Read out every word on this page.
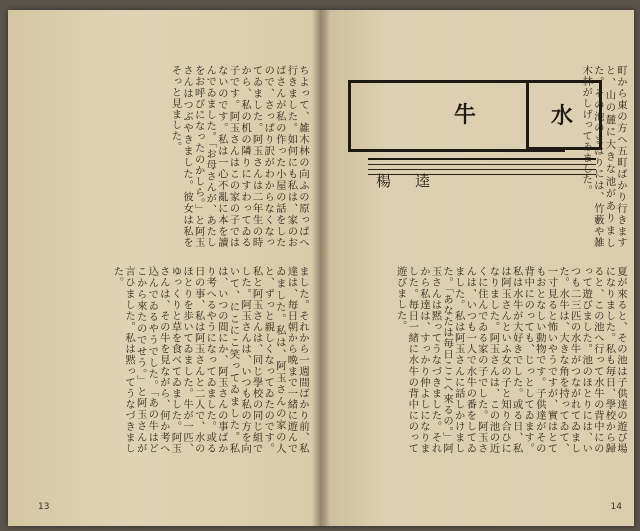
ちよって、雑木林の向ふの原っぱへ行きました。如何にも私は、家のおばさんが私の作った小屋の話をしたので、さっぱり訳がわからなくなってゐました。阿玉さんは二年生の時から、私の机の隣りにすわってゐる子です。阿玉さんはこの家の子ではないのです。私は一心不亂に本を讀んでゐました。「お母さんが、あたしをお呼びになったのかしら。」と阿玉さんはつぶやきました。彼女は私をそっと見ました。
ました。それから一週間ばかり前、私達は、毎日朝から晩まで一緒に遊んでゐました。私は、阿玉さんの家の人と、ずっと親しくなってゐたのです。私と阿玉さんは、同じ學校の同じ組でした。阿玉さんは、いつも私の方を向いて、にこにこ笑ってゐました。私は、いつの間にか、阿玉さんの事ばかり考へるやうになってゐました。或る日の事、私は阿玉さんと二人で、水のほとりを歩いてゐました。牛が一匹、ゆっくりと草を食べてゐました。阿玉さんは、その牛を見ながら、何か考へ込んでゐるやうでした。「あの牛はどこから來たのでせう。」と阿玉さんが言ひました。私は黙ってうなづきました。
13
水
牛
楊逵	町から東の方へ五町ばかり行きますと、山の麓に大きな池がありました。その池のまはりには、竹藪や雑木林がしげってゐました。
夏が來ると、その池は子供達の遊び場になりました。私も毎日、學校から歸ると、この池へ行って水牛の背中にのって遊びました。池のほとりには、いつも二三匹の水牛がつながれてゐました。水牛は、大きな角を持ってゐて、一寸見ると怖いやうですが、實はとてもおとなしい動物です。子供達がその背中にのっても、じっとしてゐます。私は水牛が大好きでした。或る日、私は阿玉さんといふ女の子と知り合ひになりました。阿玉さんは、この池の近くに住んでゐる家の子でした。阿玉さんは、いつも一人で水牛の番をしてゐました。私は阿玉さんに話しかけました。「あなたは毎日ここへ來るの。」阿玉さんは黙ってうなづきました。それから私達は、すっかり仲よしになりました。毎日一緒に水牛の背中にのって遊びました。
14
